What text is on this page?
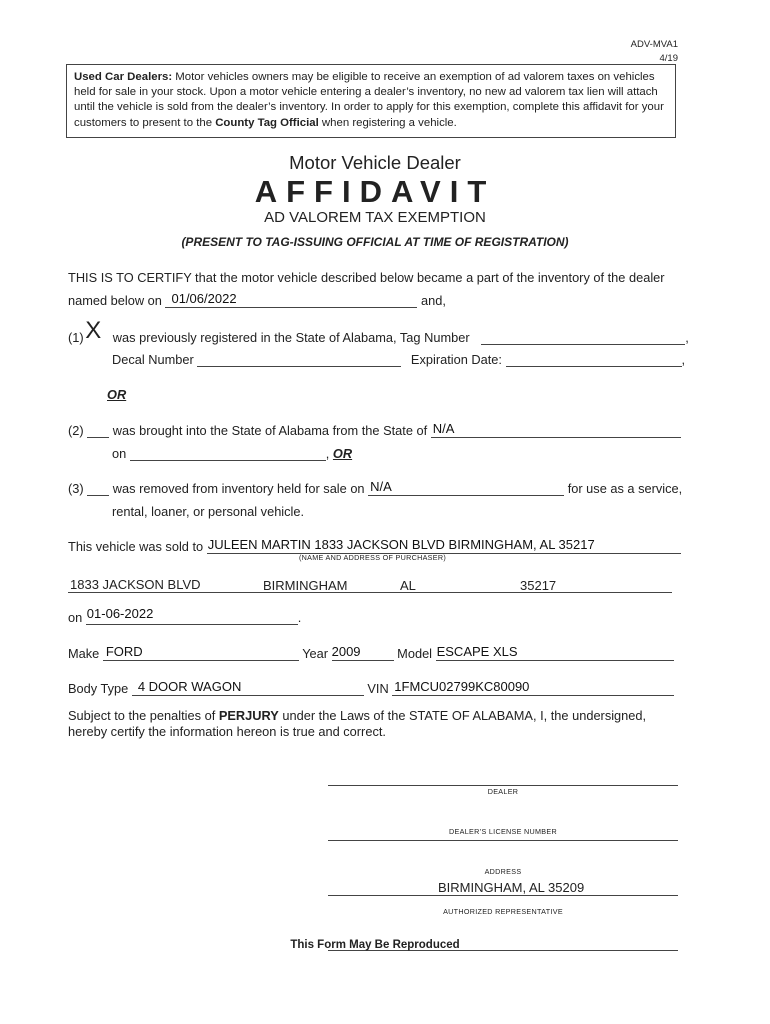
ADV-MVA1
4/19
Used Car Dealers: Motor vehicles owners may be eligible to receive an exemption of ad valorem taxes on vehicles held for sale in your stock. Upon a motor vehicle entering a dealer’s inventory, no new ad valorem tax lien will attach until the vehicle is sold from the dealer’s inventory. In order to apply for this exemption, complete this affidavit for your customers to present to the County Tag Official when registering a vehicle.
Motor Vehicle Dealer
AFFIDAVIT
AD VALOREM TAX EXEMPTION
(PRESENT TO TAG-ISSUING OFFICIAL AT TIME OF REGISTRATION)
THIS IS TO CERTIFY that the motor vehicle described below became a part of the inventory of the dealer
named below on 01/06/2022	and,
(1) X was previously registered in the State of Alabama, Tag Number	,
Decal Number	Expiration Date:	,
OR
(2) was brought into the State of Alabama from the State of N/A
on	, OR
(3) was removed from inventory held for sale on N/A	for use as a service,
rental, loaner, or personal vehicle.
This vehicle was sold to JULEEN MARTIN 1833 JACKSON BLVD BIRMINGHAM, AL 35217
(NAME AND ADDRESS OF PURCHASER)
1833 JACKSON BLVD	BIRMINGHAM	AL	35217
on 01-06-2022	.
Make FORD	Year 2009	Model ESCAPE XLS
Body Type 4 DOOR WAGON	VIN 1FMCU02799KC80090
Subject to the penalties of PERJURY under the Laws of the STATE OF ALABAMA, I, the undersigned, hereby certify the information hereon is true and correct.
DEALER
DEALER’S LICENSE NUMBER
BIRMINGHAM, AL 35209
ADDRESS
AUTHORIZED REPRESENTATIVE
This Form May Be Reproduced
